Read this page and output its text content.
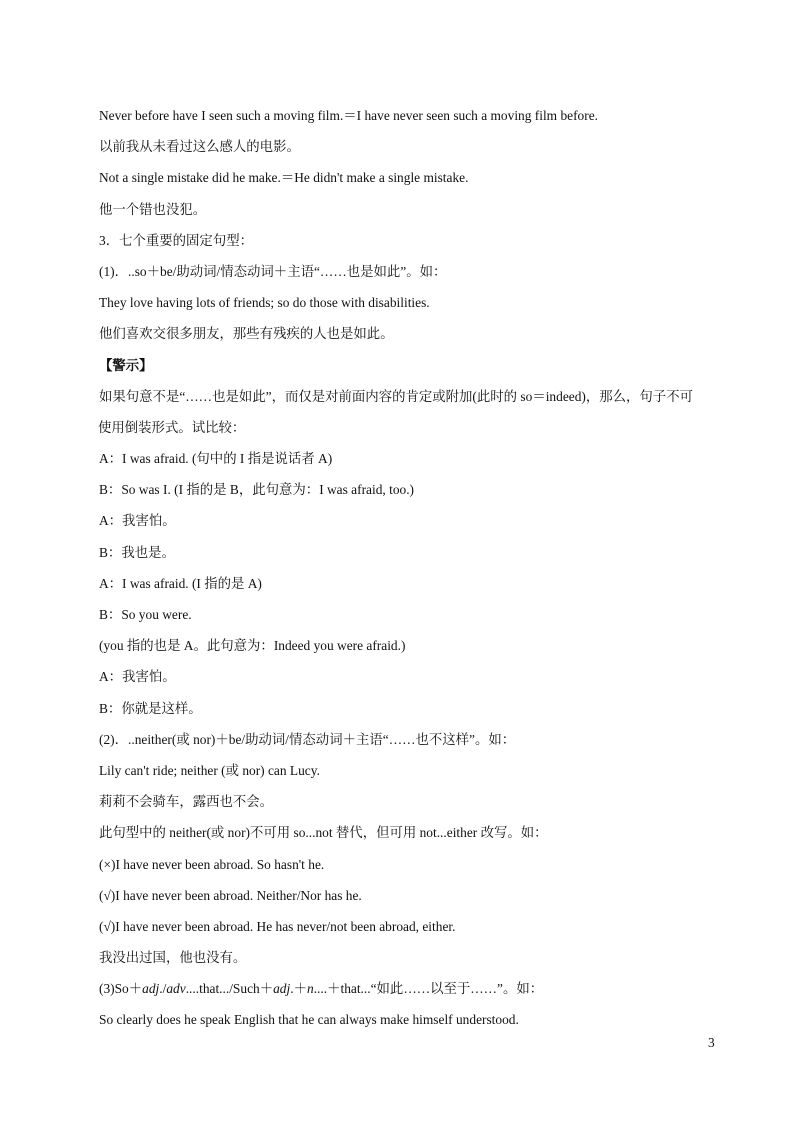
Never before have I seen such a moving film.＝I have never seen such a moving film before.
以前我从未看过这么感人的电影。
Not a single mistake did he make.＝He didn't make a single mistake.
他一个错也没犯。
3．七个重要的固定句型：
(1)．..so＋be/助动词/情态动词＋主语“……也是如此”。如：
They love having lots of friends; so do those with disabilities.
他们喜欢交很多朋友，那些有残疾的人也是如此。
【警示】
如果句意不是“……也是如此”，而仅是对前面内容的肯定或附加(此时的 so＝indeed)，那么，句子不可
使用倒装形式。试比较：
A：I was afraid. (句中的 I 指是说话者 A)
B：So was I. (I 指的是 B，此句意为：I was afraid, too.)
A：我害怕。
B：我也是。
A：I was afraid. (I 指的是 A)
B：So you were.
(you 指的也是 A。此句意为：Indeed you were afraid.)
A：我害怕。
B：你就是这样。
(2)．..neither(或 nor)＋be/助动词/情态动词＋主语“……也不这样”。如：
Lily can't ride; neither (或 nor) can Lucy.
莉莉不会骑车，露西也不会。
此句型中的 neither(或 nor)不可用 so...not 替代，但可用 not...either 改写。如：
(×)I have never been abroad. So hasn't he.
(√)I have never been abroad. Neither/Nor has he.
(√)I have never been abroad. He has never/not been abroad, either.
我没出过国，他也没有。
(3)So＋adj./adv....that.../Such＋adj.＋n....＋that...“如此……以至于……”。如：
So clearly does he speak English that he can always make himself understood.
3
